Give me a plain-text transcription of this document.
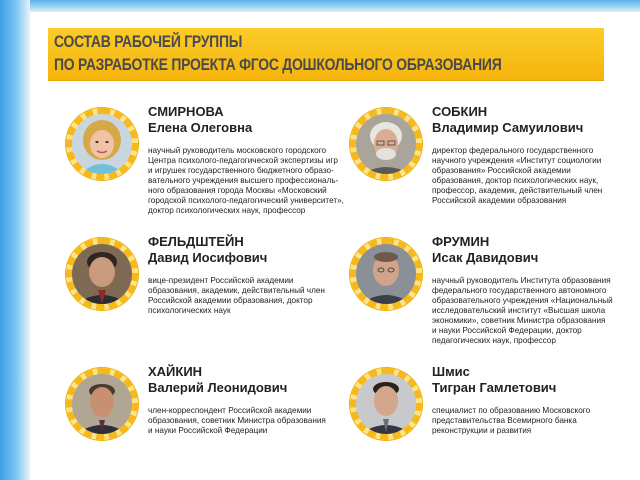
СОСТАВ РАБОЧЕЙ ГРУППЫ
ПО РАЗРАБОТКЕ ПРОЕКТА ФГОС ДОШКОЛЬНОГО ОБРАЗОВАНИЯ
СМИРНОВА
Елена Олеговна
научный руководитель московского городского
Центра психолого-педагогической экспертизы игр
и игрушек государственного бюджетного образо-
вательного учреждения высшего профессиональ-
ного образования города Москвы «Московский
городской психолого-педагогический университет»,
доктор психологических наук, профессор
СОБКИН
Владимир Самуилович
директор федерального государственного
научного учреждения «Институт социологии
образования» Российской академии
образования, доктор психологических наук,
профессор, академик, действительный член
Российской академии образования
ФЕЛЬДШТЕЙН
Давид Иосифович
вице-президент Российской академии
образования, академик, действительный член
Российской академии образования, доктор
психологических наук
ФРУМИН
Исак Давидович
научный руководитель Института образования
федерального государственного автономного
образовательного учреждения «Национальный
исследовательский институт «Высшая школа
экономики», советник Министра образования
и науки Российской Федерации, доктор
педагогических наук, профессор
ХАЙКИН
Валерий Леонидович
член-корреспондент Российской академии
образования, советник Министра образования
и науки Российской Федерации
Шмис
Тигран Гамлетович
специалист по образованию Московского
представительства Всемирного банка
реконструкции и развития
